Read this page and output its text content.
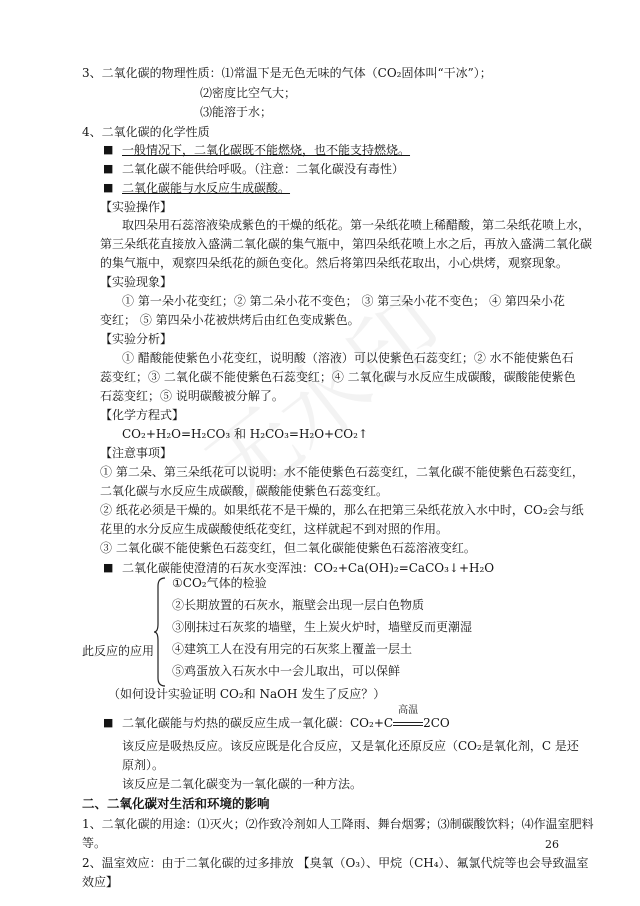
3、二氧化碳的物理性质：⑴常温下是无色无味的气体（CO₂固体叫“干冰”）；
⑵密度比空气大；
⑶能溶于水；
4、二氧化碳的化学性质
■ 一般情况下，二氧化碳既不能燃烧，也不能支持燃烧。
■ 二氧化碳不能供给呼吸。（注意：二氧化碳没有毒性）
■ 二氧化碳能与水反应生成碳酸。
【实验操作】
取四朵用石蕊溶液染成紫色的干燥的纸花。第一朵纸花喷上稀醋酸，第二朵纸花喷上水，
第三朵纸花直接放入盛满二氧化碳的集气瓶中，第四朵纸花喷上水之后，再放入盛满二氧化碳
的集气瓶中，观察四朵纸花的颜色变化。然后将第四朵纸花取出，小心烘烤，观察现象。
【实验现象】
① 第一朵小花变红；② 第二朵小花不变色； ③ 第三朵小花不变色； ④ 第四朵小花
变红； ⑤ 第四朵小花被烘烤后由红色变成紫色。
【实验分析】
① 醋酸能使紫色小花变红，说明酸（溶液）可以使紫色石蕊变红；② 水不能使紫色石
蕊变红；③ 二氧化碳不能使紫色石蕊变红；④ 二氧化碳与水反应生成碳酸，碳酸能使紫色
石蕊变红；⑤ 说明碳酸被分解了。
【化学方程式】
CO₂+H₂O=H₂CO₃ 和 H₂CO₃=H₂O+CO₂↑
【注意事项】
① 第二朵、第三朵纸花可以说明：水不能使紫色石蕊变红，二氧化碳不能使紫色石蕊变红，
二氧化碳与水反应生成碳酸，碳酸能使紫色石蕊变红。
② 纸花必须是干燥的。如果纸花不是干燥的，那么在把第三朵纸花放入水中时，CO₂会与纸
花里的水分反应生成碳酸使纸花变红，这样就起不到对照的作用。
③ 二氧化碳不能使紫色石蕊变红，但二氧化碳能使紫色石蕊溶液变红。
■ 二氧化碳能使澄清的石灰水变浑浊：CO₂+Ca(OH)₂=CaCO₃↓+H₂O
此反应的应用
①CO₂气体的检验
②长期放置的石灰水，瓶壁会出现一层白色物质
③刚抹过石灰浆的墙壁，生上炭火炉时，墙壁反而更潮湿
④建筑工人在没有用完的石灰浆上覆盖一层土
⑤鸡蛋放入石灰水中一会儿取出，可以保鲜
（如何设计实验证明 CO₂和 NaOH 发生了反应？）
■ 二氧化碳能与灼热的碳反应生成一氧化碳：CO₂+C
高温
2CO
该反应是吸热反应。该反应既是化合反应，又是氧化还原反应（CO₂是氧化剂，C 是还
原剂）。
该反应是二氧化碳变为一氧化碳的一种方法。
二、二氧化碳对生活和环境的影响
1、二氧化碳的用途：⑴灭火；⑵作致冷剂如人工降雨、舞台烟雾；⑶制碳酸饮料；⑷作温室肥料
等。
2、温室效应：由于二氧化碳的过多排放 【臭氧（O₃）、甲烷（CH₄）、氟氯代烷等也会导致温室
效应】
26
